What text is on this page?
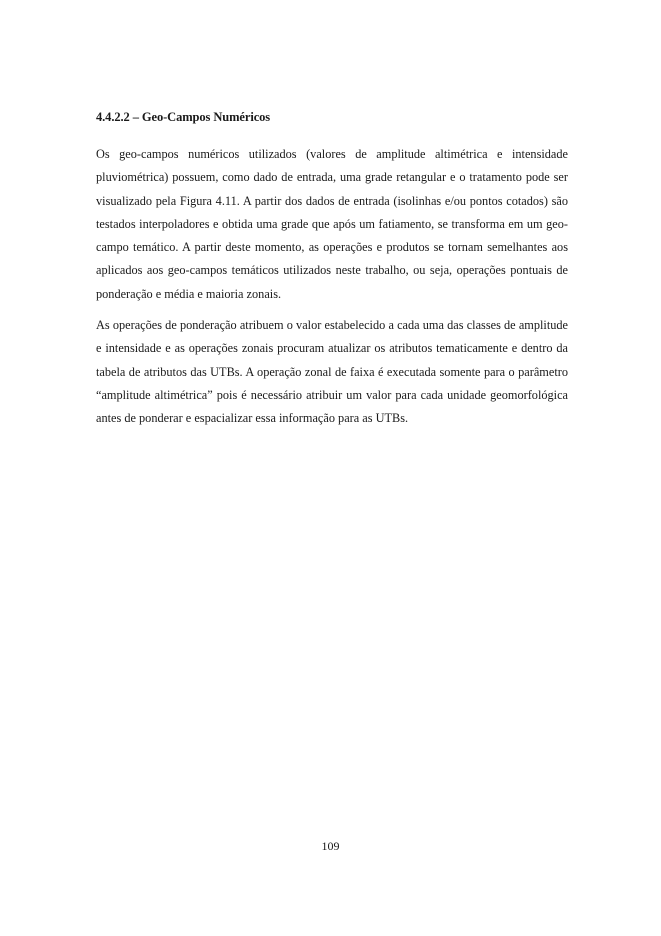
4.4.2.2 – Geo-Campos Numéricos

Os geo-campos numéricos utilizados (valores de amplitude altimétrica e intensidade pluviométrica) possuem, como dado de entrada, uma grade retangular e o tratamento pode ser visualizado pela Figura 4.11. A partir dos dados de entrada (isolinhas e/ou pontos cotados) são testados interpoladores e obtida uma grade que após um fatiamento, se transforma em um geo-campo temático. A partir deste momento, as operações e produtos se tornam semelhantes aos aplicados aos geo-campos temáticos utilizados neste trabalho, ou seja, operações pontuais de ponderação e média e maioria zonais.

As operações de ponderação atribuem o valor estabelecido a cada uma das classes de amplitude e intensidade e as operações zonais procuram atualizar os atributos tematicamente e dentro da tabela de atributos das UTBs. A operação zonal de faixa é executada somente para o parâmetro “amplitude altimétrica” pois é necessário atribuir um valor para cada unidade geomorfológica antes de ponderar e espacializar essa informação para as UTBs.

109
